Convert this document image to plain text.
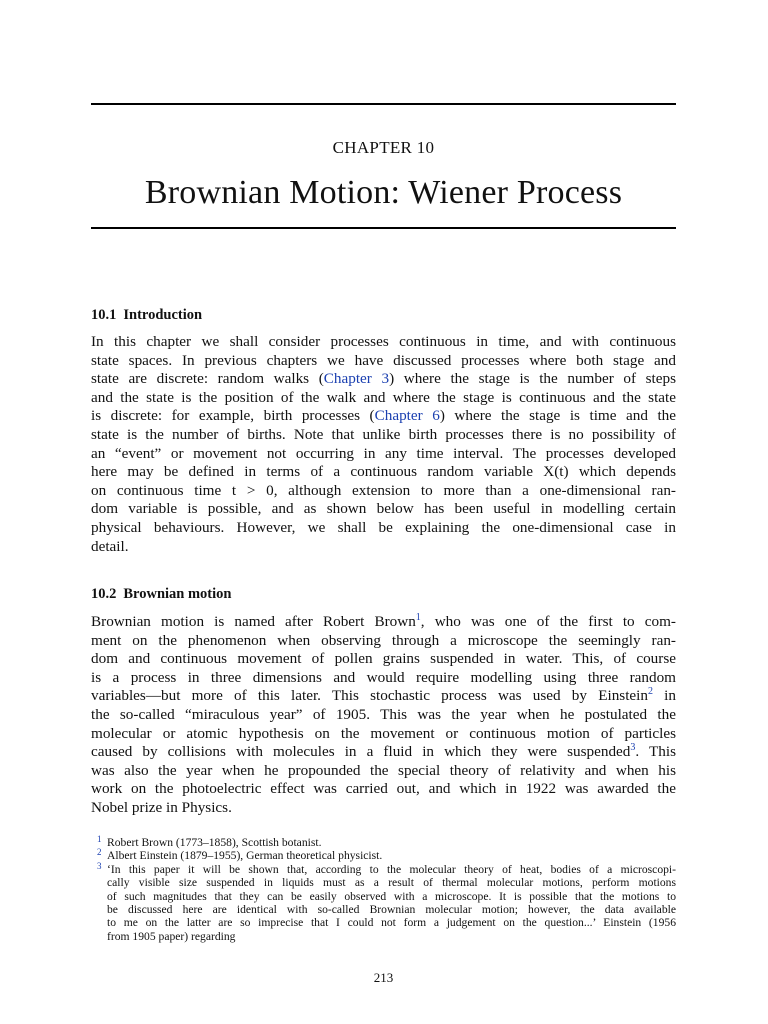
CHAPTER 10
Brownian Motion: Wiener Process
10.1 Introduction
In this chapter we shall consider processes continuous in time, and with continuous
state spaces. In previous chapters we have discussed processes where both stage and
state are discrete: random walks (Chapter 3) where the stage is the number of steps
and the state is the position of the walk and where the stage is continuous and the state
is discrete: for example, birth processes (Chapter 6) where the stage is time and the
state is the number of births. Note that unlike birth processes there is no possibility of
an “event” or movement not occurring in any time interval. The processes developed
here may be defined in terms of a continuous random variable X(t) which depends
on continuous time t > 0, although extension to more than a one-dimensional ran-
dom variable is possible, and as shown below has been useful in modelling certain
physical behaviours. However, we shall be explaining the one-dimensional case in
detail.
10.2 Brownian motion
Brownian motion is named after Robert Brown$^1$, who was one of the first to com-
ment on the phenomenon when observing through a microscope the seemingly ran-
dom and continuous movement of pollen grains suspended in water. This, of course
is a process in three dimensions and would require modelling using three random
variables—but more of this later. This stochastic process was used by Einstein$^2$ in
the so-called “miraculous year” of 1905. This was the year when he postulated the
molecular or atomic hypothesis on the movement or continuous motion of particles
caused by collisions with molecules in a fluid in which they were suspended$^3$. This
was also the year when he propounded the special theory of relativity and when his
work on the photoelectric effect was carried out, and which in 1922 was awarded the
Nobel prize in Physics.
1 Robert Brown (1773–1858), Scottish botanist.
2 Albert Einstein (1879–1955), German theoretical physicist.
3 ‘In this paper it will be shown that, according to the molecular theory of heat, bodies of a microscopi-
cally visible size suspended in liquids must as a result of thermal molecular motions, perform motions
of such magnitudes that they can be easily observed with a microscope. It is possible that the motions to
be discussed here are identical with so-called Brownian molecular motion; however, the data available
to me on the latter are so imprecise that I could not form a judgement on the question...’ Einstein (1956
from 1905 paper) regarding
213
